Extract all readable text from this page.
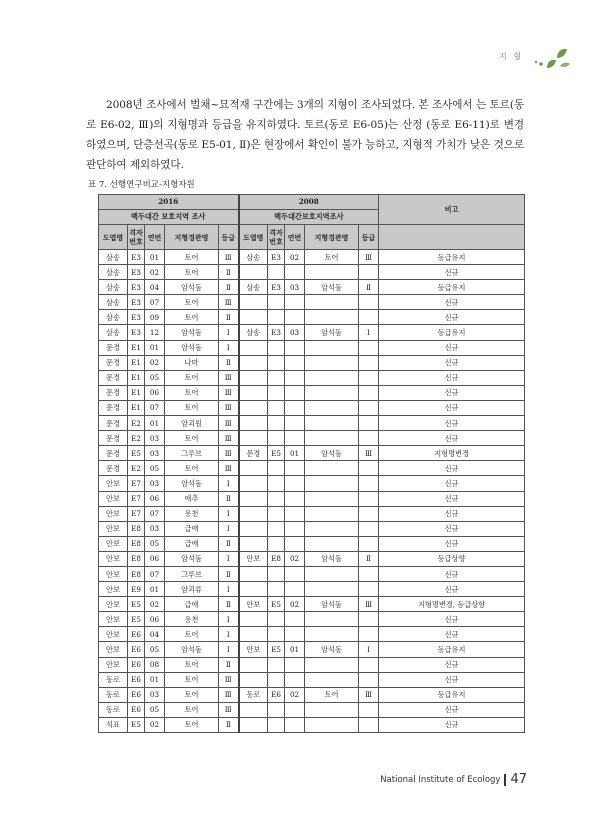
지 형

2008년 조사에서 벌채~묘적재 구간에는 3개의 지형이 조사되었다. 본 조사에서 는 토르(동로 E6-02, Ⅲ)의 지형명과 등급을 유지하였다. 토르(동로 E6-05)는 산정 (동로 E6-11)로 변경하였으며, 단층선곡(동로 E5-01, Ⅱ)은 현장에서 확인이 불가 능하고, 지형적 가치가 낮은 것으로 판단하여 제외하였다.

표 7. 선행연구비교-지형자원

2016					2008					비고
백두대간 보호지역 조사					백두대간보호지역조사					
도엽명	격자번호	연번	지형경관명	등급	도엽명	격자번호	연번	지형경관명	등급	
삼송	E3	01	토어	Ⅲ	삼송	E3	02	토어	Ⅲ	등급유지
삼송	E3	02	토어	Ⅱ						신규
삼송	E3	04	암석돔	Ⅱ	삼송	E3	03	암석돔	Ⅱ	등급유지
삼송	E3	07	토어	Ⅲ						신규
삼송	E3	09	토어	Ⅱ						신규
삼송	E3	12	암석돔	Ⅰ	삼송	E3	03	암석돔	Ⅰ	등급유지
문경	E1	01	암석돔	Ⅰ						신규
문경	E1	02	나마	Ⅱ						신규
문경	E1	05	토어	Ⅲ						신규
문경	E1	06	토어	Ⅲ						신규
문경	E1	07	토어	Ⅲ						신규
문경	E2	01	암괴원	Ⅲ						신규
문경	E2	03	토어	Ⅲ						신규
문경	E5	03	그루브	Ⅲ	문경	E5	01	암석돔	Ⅲ	지형명변경
문경	E2	05	토어	Ⅲ						신규
안보	E7	03	암석돔	Ⅰ						신규
안보	E7	06	애추	Ⅱ						신규
안보	E7	07	용천	Ⅰ						신규
안보	E8	03	급애	Ⅰ						신규
안보	E8	05	급애	Ⅱ						신규
안보	E8	06	암석돔	Ⅰ	안보	E8	02	암석돔	Ⅱ	등급상향
안보	E8	07	그루브	Ⅱ						신규
안보	E9	01	암괴류	Ⅰ						신규
안보	E5	02	급애	Ⅱ	안보	E5	02	암석돔	Ⅲ	지형명변경, 등급상향
안보	E5	06	용천	Ⅰ						신규
안보	E6	04	토어	Ⅰ						신규
안보	E6	05	암석돔	Ⅰ	안보	E5	01	암석돔	Ⅰ	등급유지
안보	E6	08	토어	Ⅱ						신규
동로	E6	01	토어	Ⅲ						신규
동로	E6	03	토어	Ⅲ	동로	E6	02	토어	Ⅲ	등급유지
동로	E6	05	토어	Ⅲ						신규
석표	E5	02	토어	Ⅱ						신규
National Institute of Ecology 47
